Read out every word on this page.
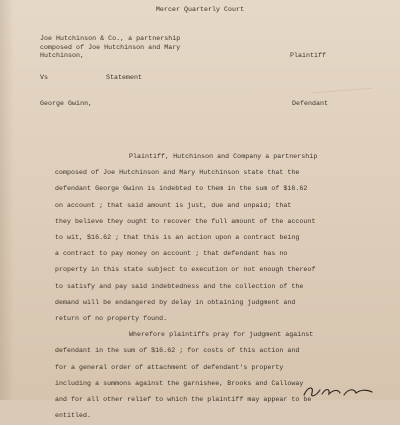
Mercer Quarterly Court
Joe Hutchinson & Co., a partnership
composed of Joe Hutchinson and Mary
Hutchinson,	Plaintiff
Vs	Statement
George Gwinn,	Defendant

Plaintiff, Hutchinson and Company a partnership

composed of Joe Hutchinson and Mary Hutchinson state that the

defendant George Gwinn is indebted to them in the sum of $16.62

on account ; that said amount is just, due and unpaid; that

they believe they ought to recover the full amount of the account

to wit, $16.62 ; that this is an action upon a contract being

a contract to pay money on account ; that defendant has no

property in this state subject to execution or not enough thereof

to satisfy and pay said indebtedness and the collection of the

demand will be endangered by delay in obtaining judgment and

return of no property found.

Wherefore plaintiffs pray for judgment against

defendant in the sum of $16.62 ; for costs of this action and

for a general order of attachment of defendant's property

including a summons against the garnishee, Brooks and Calloway

and for all other relief to which the plaintiff may appear to be

entitled.
